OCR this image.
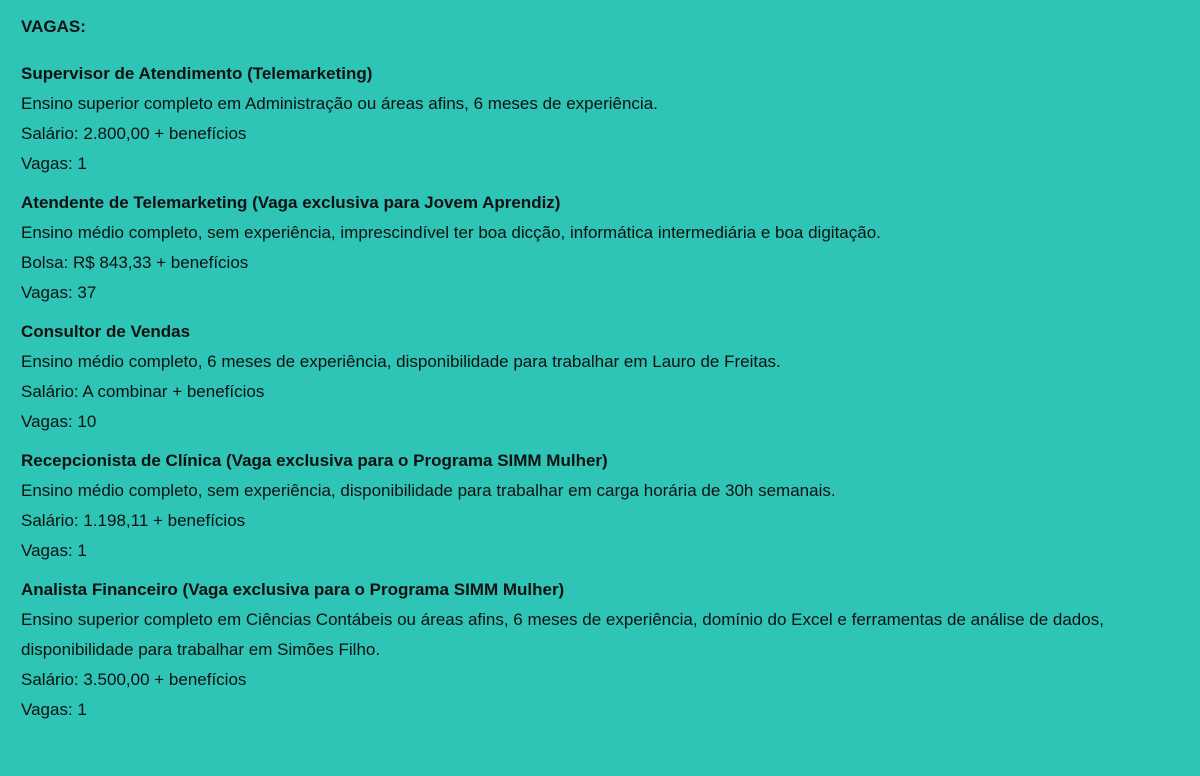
VAGAS:
Supervisor de Atendimento (Telemarketing)
Ensino superior completo em Administração ou áreas afins, 6 meses de experiência.
Salário: 2.800,00 + benefícios
Vagas: 1
Atendente de Telemarketing (Vaga exclusiva para Jovem Aprendiz)
Ensino médio completo, sem experiência, imprescindível ter boa dicção, informática intermediária e boa digitação.
Bolsa: R$ 843,33 + benefícios
Vagas: 37
Consultor de Vendas
Ensino médio completo, 6 meses de experiência, disponibilidade para trabalhar em Lauro de Freitas.
Salário: A combinar + benefícios
Vagas: 10
Recepcionista de Clínica (Vaga exclusiva para o Programa SIMM Mulher)
Ensino médio completo, sem experiência, disponibilidade para trabalhar em carga horária de 30h semanais.
Salário: 1.198,11 + benefícios
Vagas: 1
Analista Financeiro (Vaga exclusiva para o Programa SIMM Mulher)
Ensino superior completo em Ciências Contábeis ou áreas afins, 6 meses de experiência, domínio do Excel e ferramentas de análise de dados, disponibilidade para trabalhar em Simões Filho.
Salário: 3.500,00 + benefícios
Vagas: 1
